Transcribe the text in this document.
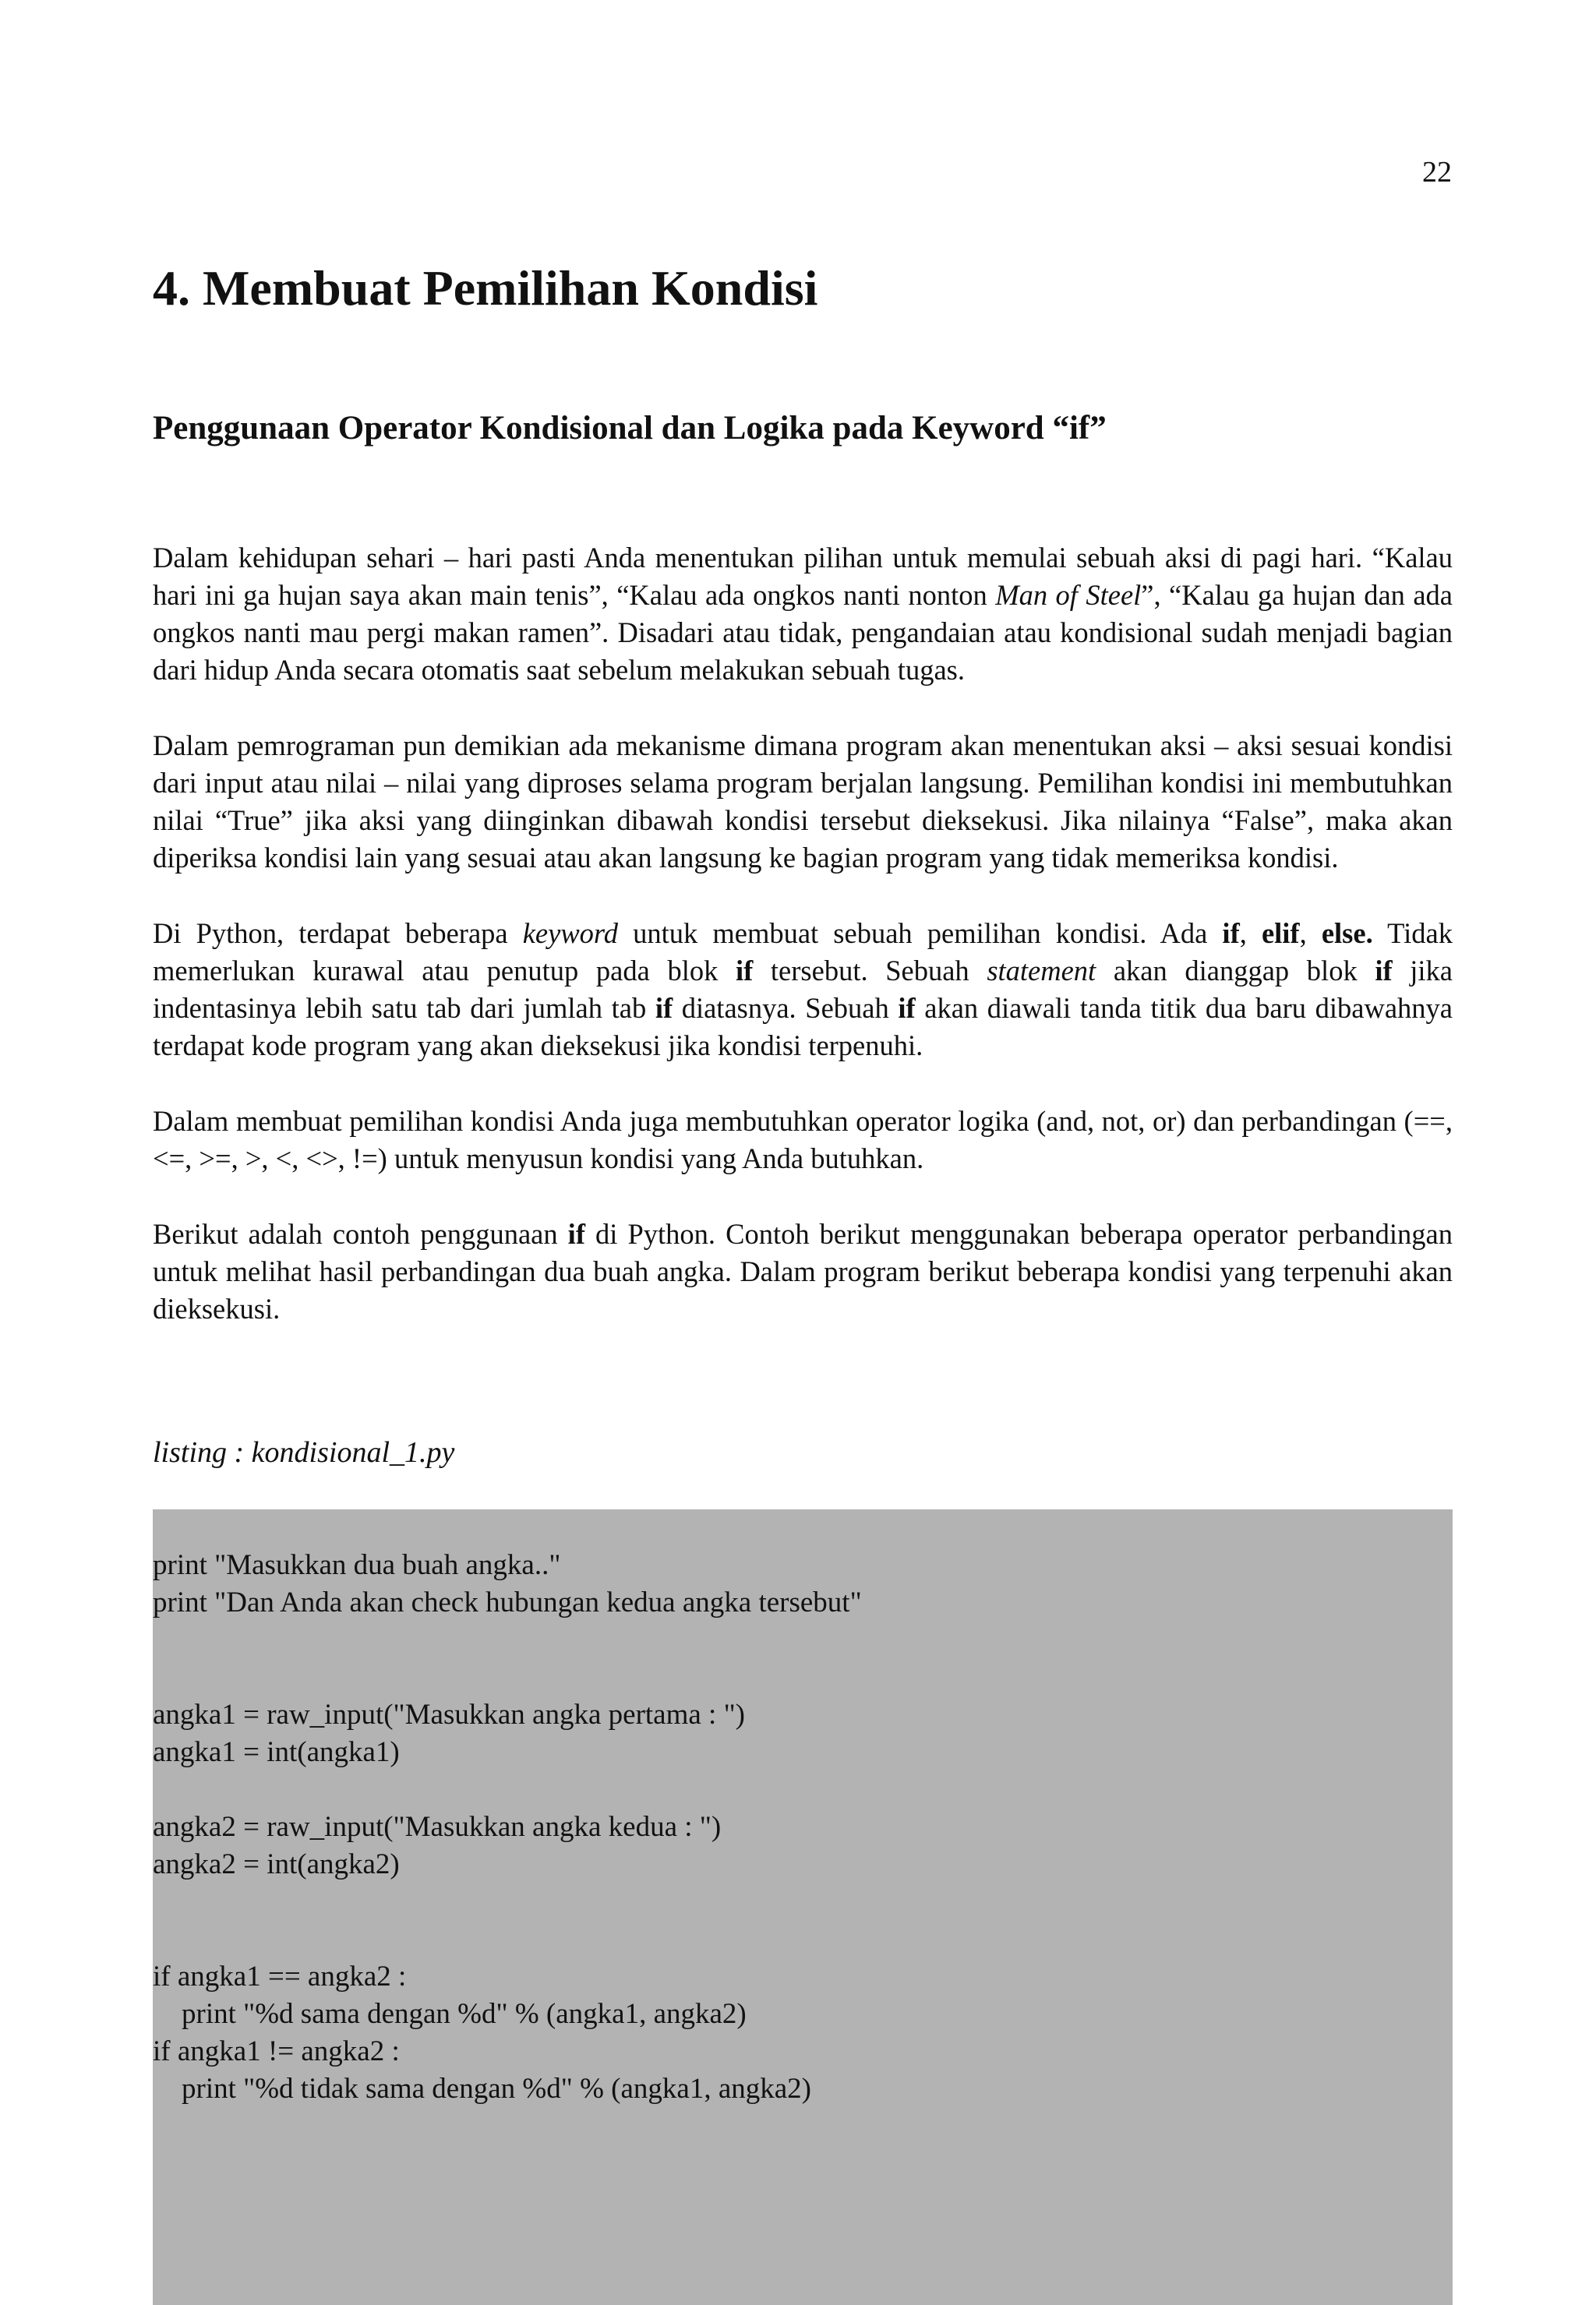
22
4. Membuat Pemilihan Kondisi
Penggunaan Operator Kondisional dan Logika pada Keyword “if”

Dalam kehidupan sehari – hari pasti Anda menentukan pilihan untuk memulai sebuah aksi di pagi hari. “Kalau hari ini ga hujan saya akan main tenis”, “Kalau ada ongkos nanti nonton Man of Steel”, “Kalau ga hujan dan ada ongkos nanti mau pergi makan ramen”. Disadari atau tidak, pengandaian atau kondisional sudah menjadi bagian dari hidup Anda secara otomatis saat sebelum melakukan sebuah tugas.

Dalam pemrograman pun demikian ada mekanisme dimana program akan menentukan aksi – aksi sesuai kondisi dari input atau nilai – nilai yang diproses selama program berjalan langsung. Pemilihan kondisi ini membutuhkan nilai “True” jika aksi yang diinginkan dibawah kondisi tersebut dieksekusi. Jika nilainya “False”, maka akan diperiksa kondisi lain yang sesuai atau akan langsung ke bagian program yang tidak memeriksa kondisi.

Di Python, terdapat beberapa keyword untuk membuat sebuah pemilihan kondisi. Ada if, elif, else. Tidak memerlukan kurawal atau penutup pada blok if tersebut. Sebuah statement akan dianggap blok if jika indentasinya lebih satu tab dari jumlah tab if diatasnya. Sebuah if akan diawali tanda titik dua baru dibawahnya terdapat kode program yang akan dieksekusi jika kondisi terpenuhi.

Dalam membuat pemilihan kondisi Anda juga membutuhkan operator logika (and, not, or) dan perbandingan (==, <=, >=, >, <, <>, !=) untuk menyusun kondisi yang Anda butuhkan.

Berikut adalah contoh penggunaan if di Python. Contoh berikut menggunakan beberapa operator perbandingan untuk melihat hasil perbandingan dua buah angka. Dalam program berikut beberapa kondisi yang terpenuhi akan dieksekusi.

listing : kondisional_1.py
print "Masukkan dua buah angka.."
print "Dan Anda akan check hubungan kedua angka tersebut"
angka1 = raw_input("Masukkan angka pertama : ")
angka1 = int(angka1)
angka2 = raw_input("Masukkan angka kedua : ")
angka2 = int(angka2)
if angka1 == angka2 :
print "%d sama dengan %d" % (angka1, angka2)
if angka1 != angka2 :
print "%d tidak sama dengan %d" % (angka1, angka2)
